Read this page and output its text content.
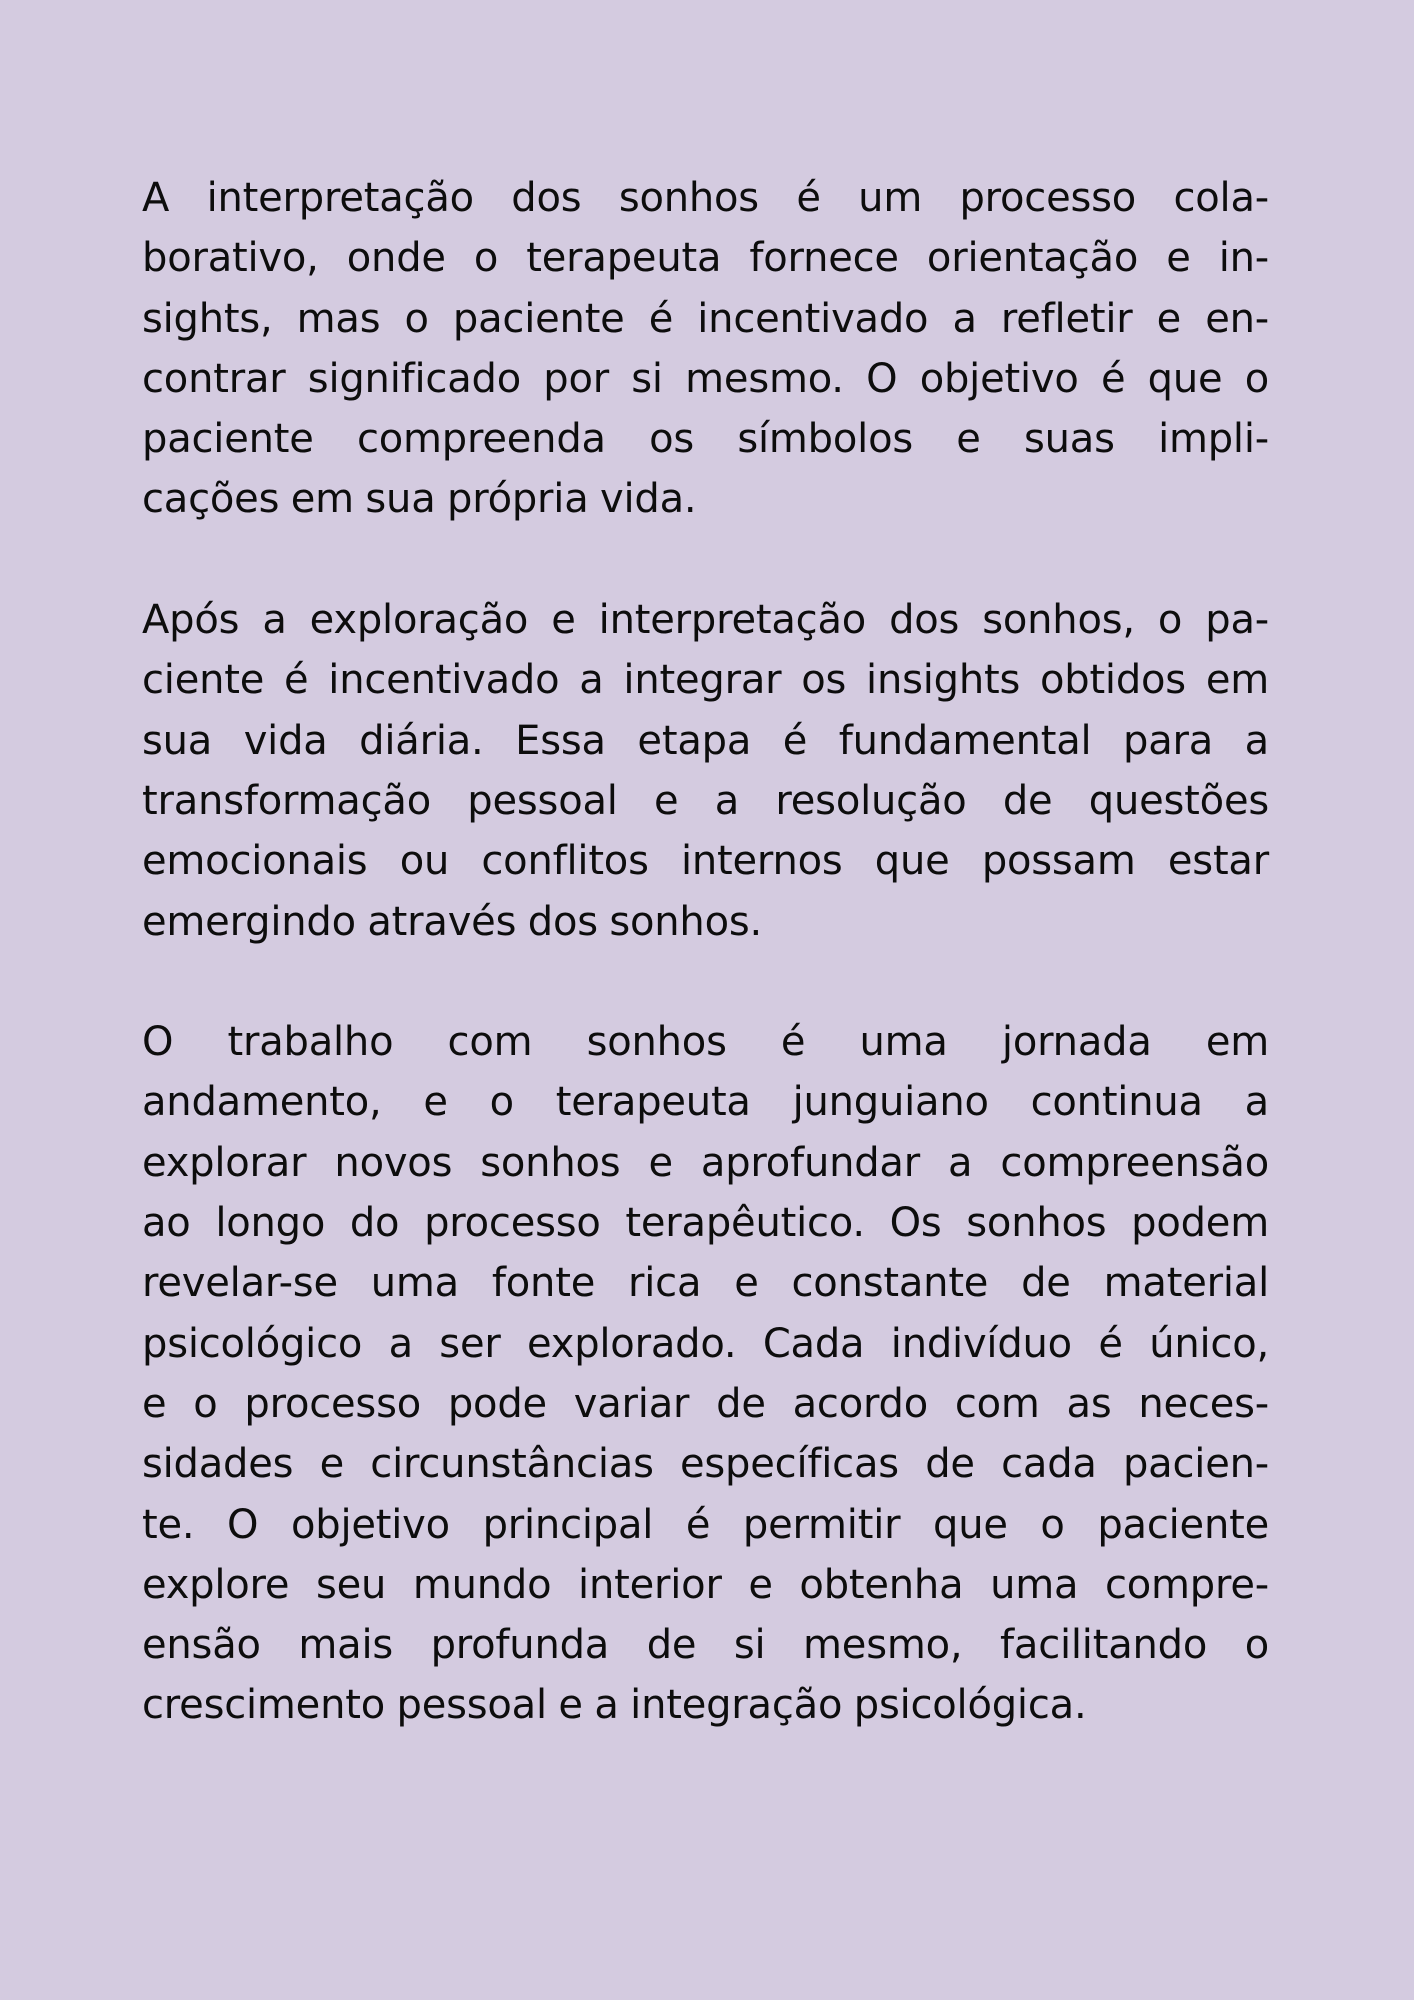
A interpretação dos sonhos é um processo cola-
borativo, onde o terapeuta fornece orientação e in-
sights, mas o paciente é incentivado a refletir e en-
contrar significado por si mesmo. O objetivo é que o
paciente compreenda os símbolos e suas impli-
cações em sua própria vida.

Após a exploração e interpretação dos sonhos, o pa-
ciente é incentivado a integrar os insights obtidos em
sua vida diária. Essa etapa é fundamental para a
transformação pessoal e a resolução de questões
emocionais ou conflitos internos que possam estar
emergindo através dos sonhos.

O trabalho com sonhos é uma jornada em
andamento, e o terapeuta junguiano continua a
explorar novos sonhos e aprofundar a compreensão
ao longo do processo terapêutico. Os sonhos podem
revelar-se uma fonte rica e constante de material
psicológico a ser explorado. Cada indivíduo é único,
e o processo pode variar de acordo com as neces-
sidades e circunstâncias específicas de cada pacien-
te. O objetivo principal é permitir que o paciente
explore seu mundo interior e obtenha uma compre-
ensão mais profunda de si mesmo, facilitando o
crescimento pessoal e a integração psicológica.
